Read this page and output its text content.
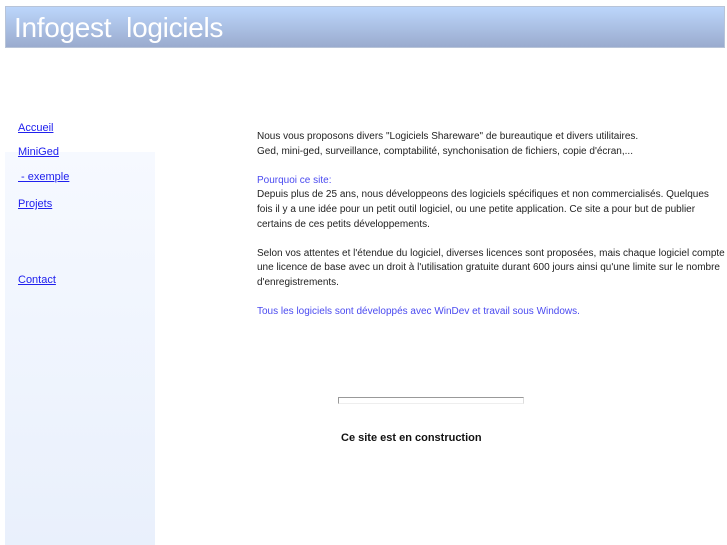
Infogest  logiciels
Accueil
MiniGed
- exemple
Projets
Contact

Nous vous proposons divers "Logiciels Shareware" de bureautique et divers utilitaires.

Ged, mini-ged, surveillance, comptabilité, synchonisation de fichiers, copie d'écran,...

Pourquoi ce site:

Depuis plus de 25 ans, nous développeons des logiciels spécifiques et non commercialisés. Quelques fois il y a une idée pour un petit outil logiciel, ou une petite application. Ce site a pour but de publier certains de ces petits développements.

Selon vos attentes et l'étendue du logiciel, diverses licences sont proposées, mais chaque logiciel compte une licence de base avec un droit à l'utilisation gratuite durant 600 jours ainsi qu'une limite sur le nombre d'enregistrements.

Tous les logiciels sont développés avec WinDev et travail sous Windows.

Ce site est en construction
